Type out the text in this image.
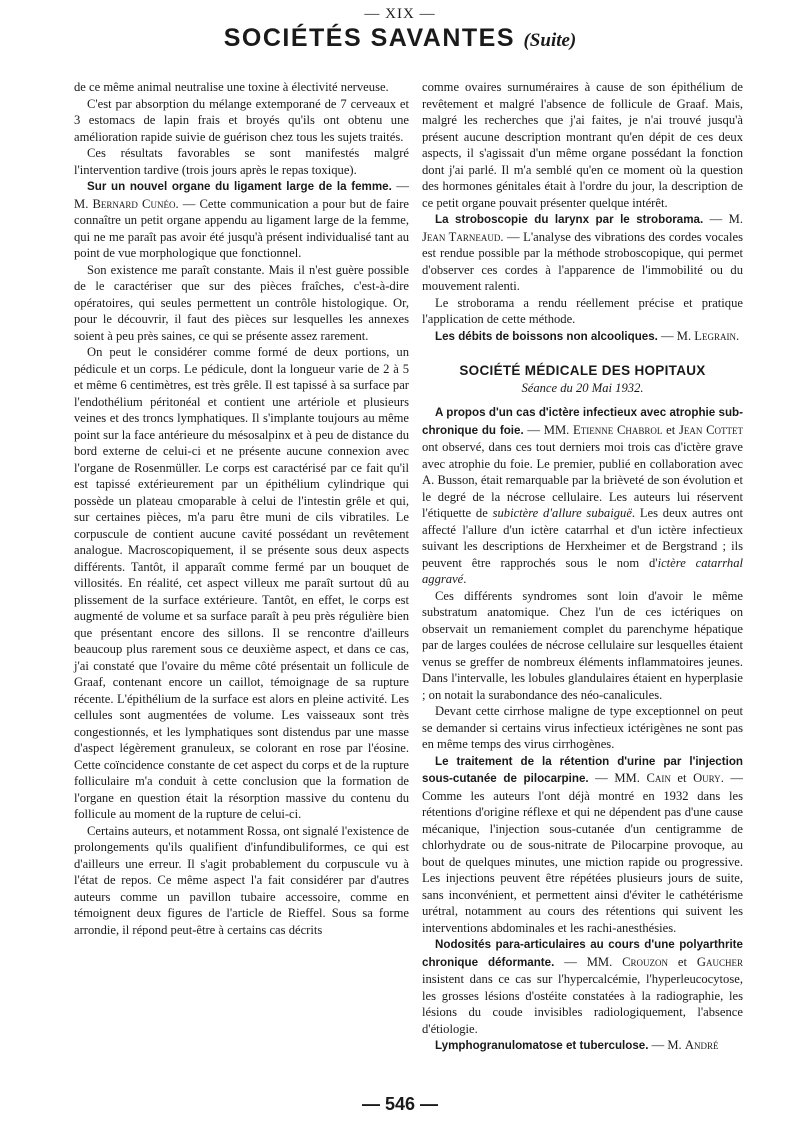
— XIX —
SOCIÉTÉS SAVANTES (Suite)

de ce même animal neutralise une toxine à électivité nerveuse.

C'est par absorption du mélange extemporané de 7 cerveaux et 3 estomacs de lapin frais et broyés qu'ils ont obtenu une amélioration rapide suivie de guérison chez tous les sujets traités.

Ces résultats favorables se sont manifestés malgré l'intervention tardive (trois jours après le repas toxique).

Sur un nouvel organe du ligament large de la femme. — M. Bernard Cunéo. — Cette communication a pour but de faire connaître un petit organe appendu au ligament large de la femme, qui ne me paraît pas avoir été jusqu'à présent individualisé tant au point de vue morphologique que fonctionnel.

Son existence me paraît constante. Mais il n'est guère possible de le caractériser que sur des pièces fraîches, c'est-à-dire opératoires, qui seules permettent un contrôle histologique. Or, pour le découvrir, il faut des pièces sur lesquelles les annexes soient à peu près saines, ce qui se présente assez rarement.

On peut le considérer comme formé de deux portions, un pédicule et un corps. Le pédicule, dont la longueur varie de 2 à 5 et même 6 centimètres, est très grêle. Il est tapissé à sa surface par l'endothélium péritonéal et contient une artériole et plusieurs veines et des troncs lymphatiques. Il s'implante toujours au même point sur la face antérieure du mésosalpinx et à peu de distance du bord externe de celui-ci et ne présente aucune connexion avec l'organe de Rosenmüller. Le corps est caractérisé par ce fait qu'il est tapissé extérieurement par un épithélium cylindrique qui possède un plateau cmoparable à celui de l'intestin grêle et qui, sur certaines pièces, m'a paru être muni de cils vibratiles. Le corpuscule de contient aucune cavité possédant un revêtement analogue. Macroscopiquement, il se présente sous deux aspects différents. Tantôt, il apparaît comme fermé par un bouquet de villosités. En réalité, cet aspect villeux me paraît surtout dû au plissement de la surface extérieure. Tantôt, en effet, le corps est augmenté de volume et sa surface paraît à peu près régulière bien que présentant encore des sillons. Il se rencontre d'ailleurs beaucoup plus rarement sous ce deuxième aspect, et dans ce cas, j'ai constaté que l'ovaire du même côté présentait un follicule de Graaf, contenant encore un caillot, témoignage de sa rupture récente. L'épithélium de la surface est alors en pleine activité. Les cellules sont augmentées de volume. Les vaisseaux sont très congestionnés, et les lymphatiques sont distendus par une masse d'aspect légèrement granuleux, se colorant en rose par l'éosine. Cette coïncidence constante de cet aspect du corps et de la rupture folliculaire m'a conduit à cette conclusion que la formation de l'organe en question était la résorption massive du contenu du follicule au moment de la rupture de celui-ci.

Certains auteurs, et notamment Rossa, ont signalé l'existence de prolongements qu'ils qualifient d'infundibuliformes, ce qui est d'ailleurs une erreur. Il s'agit probablement du corpuscule vu à l'état de repos. Ce même aspect l'a fait considérer par d'autres auteurs comme un pavillon tubaire accessoire, comme en témoignent deux figures de l'article de Rieffel. Sous sa forme arrondie, il répond peut-être à certains cas décrits

comme ovaires surnuméraires à cause de son épithélium de revêtement et malgré l'absence de follicule de Graaf. Mais, malgré les recherches que j'ai faites, je n'ai trouvé jusqu'à présent aucune description montrant qu'en dépit de ces deux aspects, il s'agissait d'un même organe possédant la fonction dont j'ai parlé. Il m'a semblé qu'en ce moment où la question des hormones génitales était à l'ordre du jour, la description de ce petit organe pouvait présenter quelque intérêt.

La stroboscopie du larynx par le stroborama. — M. Jean Tarneaud. — L'analyse des vibrations des cordes vocales est rendue possible par la méthode stroboscopique, qui permet d'observer ces cordes à l'apparence de l'immobilité ou du mouvement ralenti.

Le stroborama a rendu réellement précise et pratique l'application de cette méthode.

Les débits de boissons non alcooliques. — M. Legrain.

SOCIÉTÉ MÉDICALE DES HOPITAUX
Séance du 20 Mai 1932.

A propos d'un cas d'ictère infectieux avec atrophie sub-chronique du foie. — MM. Etienne Chabrol et Jean Cottet ont observé, dans ces tout derniers moi trois cas d'ictère grave avec atrophie du foie. Le premier, publié en collaboration avec A. Busson, était remarquable par la brièveté de son évolution et le degré de la nécrose cellulaire. Les auteurs lui réservent l'étiquette de subictère d'allure subaiguë. Les deux autres ont affecté l'allure d'un ictère catarrhal et d'un ictère infectieux suivant les descriptions de Herxheimer et de Bergstrand ; ils peuvent être rapprochés sous le nom d'ictère catarrhal aggravé.

Ces différents syndromes sont loin d'avoir le même substratum anatomique. Chez l'un de ces ictériques on observait un remaniement complet du parenchyme hépatique par de larges coulées de nécrose cellulaire sur lesquelles étaient venus se greffer de nombreux éléments inflammatoires jeunes. Dans l'intervalle, les lobules glandulaires étaient en hyperplasie ; on notait la surabondance des néo-canalicules.

Devant cette cirrhose maligne de type exceptionnel on peut se demander si certains virus infectieux ictérigènes ne sont pas en même temps des virus cirrhogènes.

Le traitement de la rétention d'urine par l'injection sous-cutanée de pilocarpine. — MM. Cain et Oury. — Comme les auteurs l'ont déjà montré en 1932 dans les rétentions d'origine réflexe et qui ne dépendent pas d'une cause mécanique, l'injection sous-cutanée d'un centigramme de chlorhydrate ou de sous-nitrate de Pilocarpine provoque, au bout de quelques minutes, une miction rapide ou progressive. Les injections peuvent être répétées plusieurs jours de suite, sans inconvénient, et permettent ainsi d'éviter le cathétérisme urétral, notamment au cours des rétentions qui suivent les interventions abdominales et les rachi-anesthésies.

Nodosités para-articulaires au cours d'une polyarthrite chronique déformante. — MM. Crouzon et Gaucher insistent dans ce cas sur l'hypercalcémie, l'hyperleucocytose, les grosses lésions d'ostéite constatées à la radiographie, les lésions du coude invisibles radiologiquement, l'absence d'étiologie.

Lymphogranulomatose et tuberculose. — M. André

— 546 —
